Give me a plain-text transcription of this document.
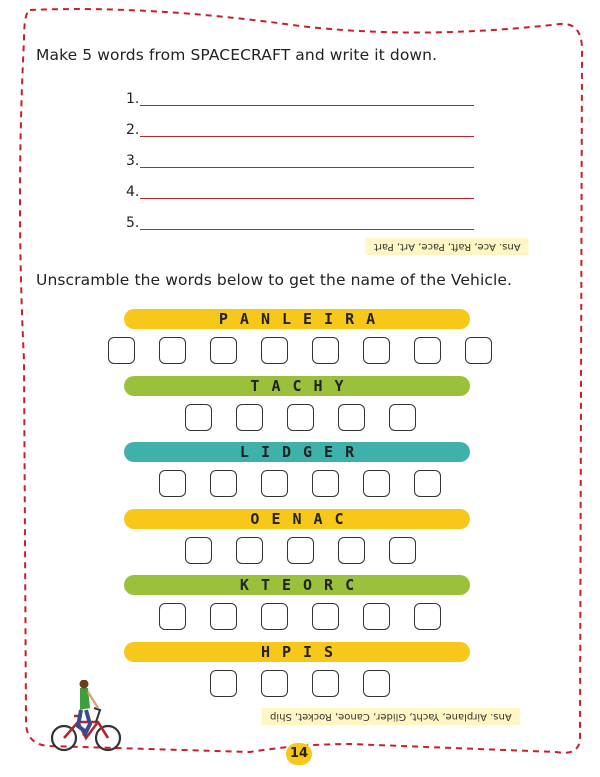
Make 5 words from SPACECRAFT and write it down.
1.
2.
3.
4.
5.
Ans. Ace, Raft, Pace, Art, Part
Unscramble the words below to get the name of the Vehicle.
P A N L E I R A
T A C H Y
L I D G E R
O E N A C
K T E O R C
H P I S
Ans. Airplane, Yacht, Glider, Canoe, Rocket, Ship
14
